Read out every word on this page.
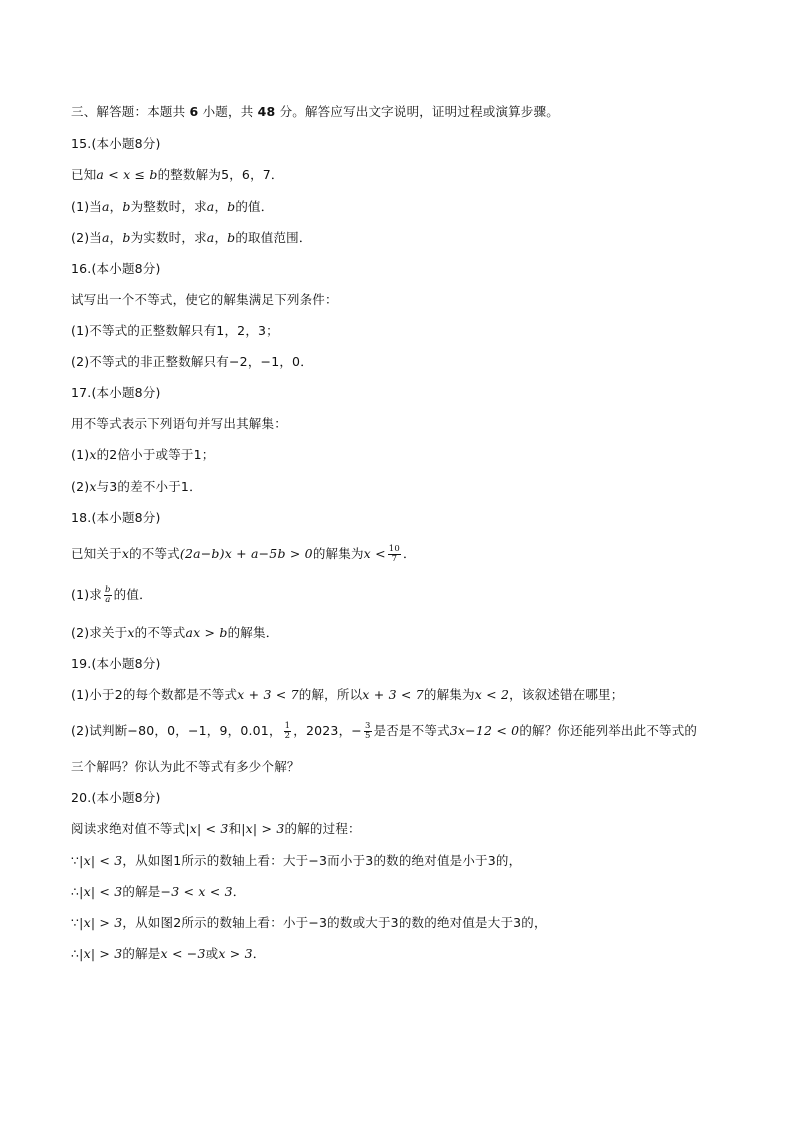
三、解答题：本题共 6 小题，共 48 分。解答应写出文字说明，证明过程或演算步骤。
15.(本小题8分)
已知a < x ≤ b的整数解为5，6，7．
(1)当a，b为整数时，求a，b的值．
(2)当a，b为实数时，求a，b的取值范围．
16.(本小题8分)
试写出一个不等式，使它的解集满足下列条件：
(1)不等式的正整数解只有1，2，3；
(2)不等式的非正整数解只有−2，−1，0．
17.(本小题8分)
用不等式表示下列语句并写出其解集：
(1)x的2倍小于或等于1；
(2)x与3的差不小于1．
18.(本小题8分)
已知关于x的不等式(2a−b)x + a−5b > 0的解集为$x < \frac{10}{7}$ ．
(1)求 $\frac{b}{a}$ 的值．
(2)求关于x的不等式ax > b的解集．
19.(本小题8分)
(1)小于2的每个数都是不等式x + 3 < 7的解，所以x + 3 < 7的解集为x < 2，该叙述错在哪里；
(2)试判断−80，0，−1，9，0.01， $\frac{1}{2}$ ，2023，− $\frac{3}{5}$ 是否是不等式3x−12 < 0的解？你还能列举出此不等式的
三个解吗？你认为此不等式有多少个解？
20.(本小题8分)
阅读求绝对值不等式|x| < 3和|x| > 3的解的过程：
∵|x| < 3，从如图1所示的数轴上看：大于−3而小于3的数的绝对值是小于3的，
∴|x| < 3的解是−3 < x < 3．
∵|x| > 3，从如图2所示的数轴上看：小于−3的数或大于3的数的绝对值是大于3的，
∴|x| > 3的解是x < −3或x > 3．
